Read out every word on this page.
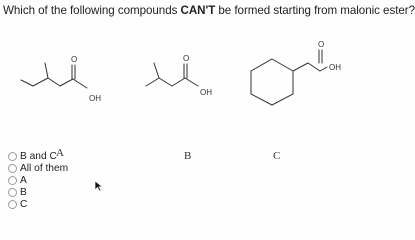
Which of the following compounds CAN'T be formed starting from malonic ester?
O
OH
O
OH
O
OH
A	B	C
B and C
All of them
A
B
C
